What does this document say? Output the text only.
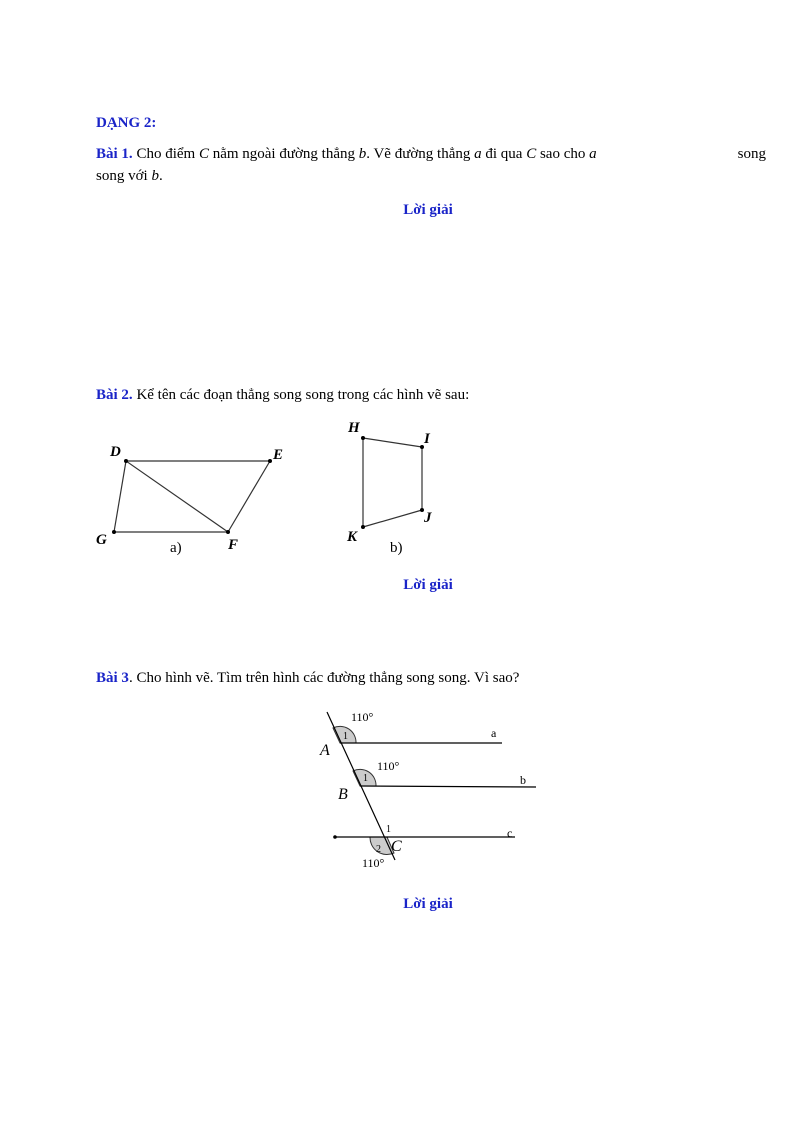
DẠNG 2:
Bài 1. Cho điểm C nằm ngoài đường thẳng b. Vẽ đường thẳng a đi qua C sao cho a	song
song với b.
Lời giải
Bài 2. Kể tên các đoạn thẳng song song trong các hình vẽ sau:
D	E
G	F
a)
H
I
J
K
b)
Lời giải
Bài 3. Cho hình vẽ. Tìm trên hình các đường thẳng song song. Vì sao?
110°
110°
110°
a
b
c
1
1
1
2
A
B
C
Lời giải
